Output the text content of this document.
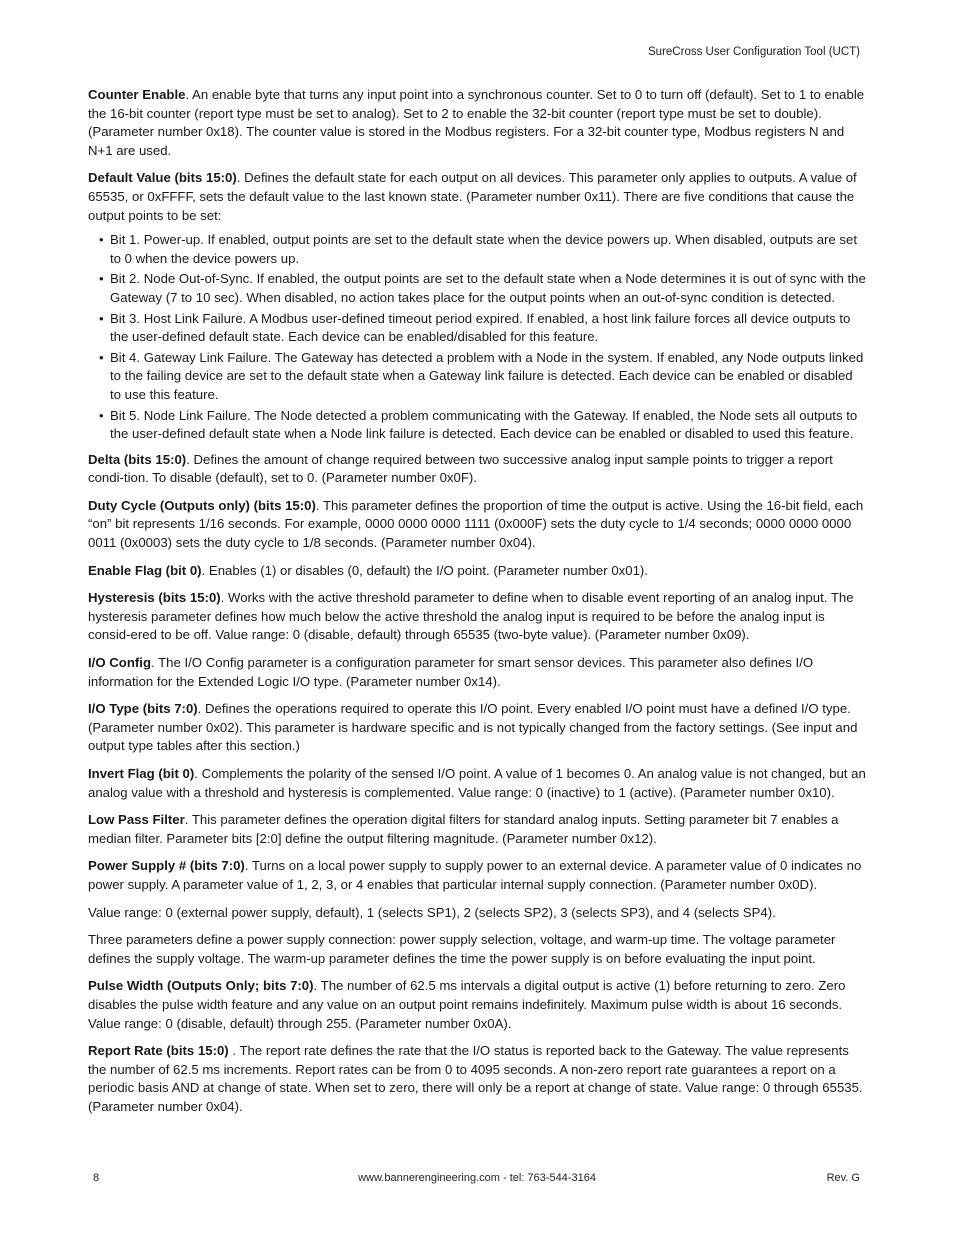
SureCross User Configuration Tool (UCT)

Counter Enable. An enable byte that turns any input point into a synchronous counter. Set to 0 to turn off (default). Set to 1 to enable the 16-bit counter (report type must be set to analog). Set to 2 to enable the 32-bit counter (report type must be set to double). (Parameter number 0x18). The counter value is stored in the Modbus registers. For a 32-bit counter type, Modbus registers N and N+1 are used.

Default Value (bits 15:0). Defines the default state for each output on all devices. This parameter only applies to outputs. A value of 65535, or 0xFFFF, sets the default value to the last known state. (Parameter number 0x11). There are five conditions that cause the output points to be set:

• Bit 1. Power-up. If enabled, output points are set to the default state when the device powers up. When disabled, outputs are set to 0 when the device powers up.
• Bit 2. Node Out-of-Sync. If enabled, the output points are set to the default state when a Node determines it is out of sync with the Gateway (7 to 10 sec). When disabled, no action takes place for the output points when an out-of-sync condition is detected.
• Bit 3. Host Link Failure. A Modbus user-defined timeout period expired. If enabled, a host link failure forces all device outputs to the user-defined default state. Each device can be enabled/disabled for this feature.
• Bit 4. Gateway Link Failure. The Gateway has detected a problem with a Node in the system. If enabled, any Node outputs linked to the failing device are set to the default state when a Gateway link failure is detected. Each device can be enabled or disabled to use this feature.
• Bit 5. Node Link Failure. The Node detected a problem communicating with the Gateway. If enabled, the Node sets all outputs to the user-defined default state when a Node link failure is detected. Each device can be enabled or disabled to used this feature.

Delta (bits 15:0). Defines the amount of change required between two successive analog input sample points to trigger a report condi-tion. To disable (default), set to 0. (Parameter number 0x0F).

Duty Cycle (Outputs only) (bits 15:0). This parameter defines the proportion of time the output is active. Using the 16-bit field, each “on” bit represents 1/16 seconds. For example, 0000 0000 0000 1111 (0x000F) sets the duty cycle to 1/4 seconds; 0000 0000 0000 0011 (0x0003) sets the duty cycle to 1/8 seconds. (Parameter number 0x04).

Enable Flag (bit 0). Enables (1) or disables (0, default) the I/O point. (Parameter number 0x01).

Hysteresis (bits 15:0). Works with the active threshold parameter to define when to disable event reporting of an analog input. The hysteresis parameter defines how much below the active threshold the analog input is required to be before the analog input is consid-ered to be off. Value range: 0 (disable, default) through 65535 (two-byte value). (Parameter number 0x09).

I/O Config. The I/O Config parameter is a configuration parameter for smart sensor devices. This parameter also defines I/O information for the Extended Logic I/O type. (Parameter number 0x14).

I/O Type (bits 7:0). Defines the operations required to operate this I/O point. Every enabled I/O point must have a defined I/O type. (Parameter number 0x02). This parameter is hardware specific and is not typically changed from the factory settings. (See input and output type tables after this section.)

Invert Flag (bit 0). Complements the polarity of the sensed I/O point. A value of 1 becomes 0. An analog value is not changed, but an analog value with a threshold and hysteresis is complemented. Value range: 0 (inactive) to 1 (active). (Parameter number 0x10).

Low Pass Filter. This parameter defines the operation digital filters for standard analog inputs. Setting parameter bit 7 enables a median filter. Parameter bits [2:0] define the output filtering magnitude. (Parameter number 0x12).

Power Supply # (bits 7:0). Turns on a local power supply to supply power to an external device. A parameter value of 0 indicates no power supply. A parameter value of 1, 2, 3, or 4 enables that particular internal supply connection. (Parameter number 0x0D).

Value range: 0 (external power supply, default), 1 (selects SP1), 2 (selects SP2), 3 (selects SP3), and 4 (selects SP4).

Three parameters define a power supply connection: power supply selection, voltage, and warm-up time. The voltage parameter defines the supply voltage. The warm-up parameter defines the time the power supply is on before evaluating the input point.

Pulse Width (Outputs Only; bits 7:0). The number of 62.5 ms intervals a digital output is active (1) before returning to zero. Zero disables the pulse width feature and any value on an output point remains indefinitely. Maximum pulse width is about 16 seconds. Value range: 0 (disable, default) through 255. (Parameter number 0x0A).

Report Rate (bits 15:0) . The report rate defines the rate that the I/O status is reported back to the Gateway. The value represents the number of 62.5 ms increments. Report rates can be from 0 to 4095 seconds. A non-zero report rate guarantees a report on a periodic basis AND at change of state. When set to zero, there will only be a report at change of state. Value range: 0 through 65535. (Parameter number 0x04).

www.bannerengineering.com - tel: 763-544-3164
8	Rev. G
